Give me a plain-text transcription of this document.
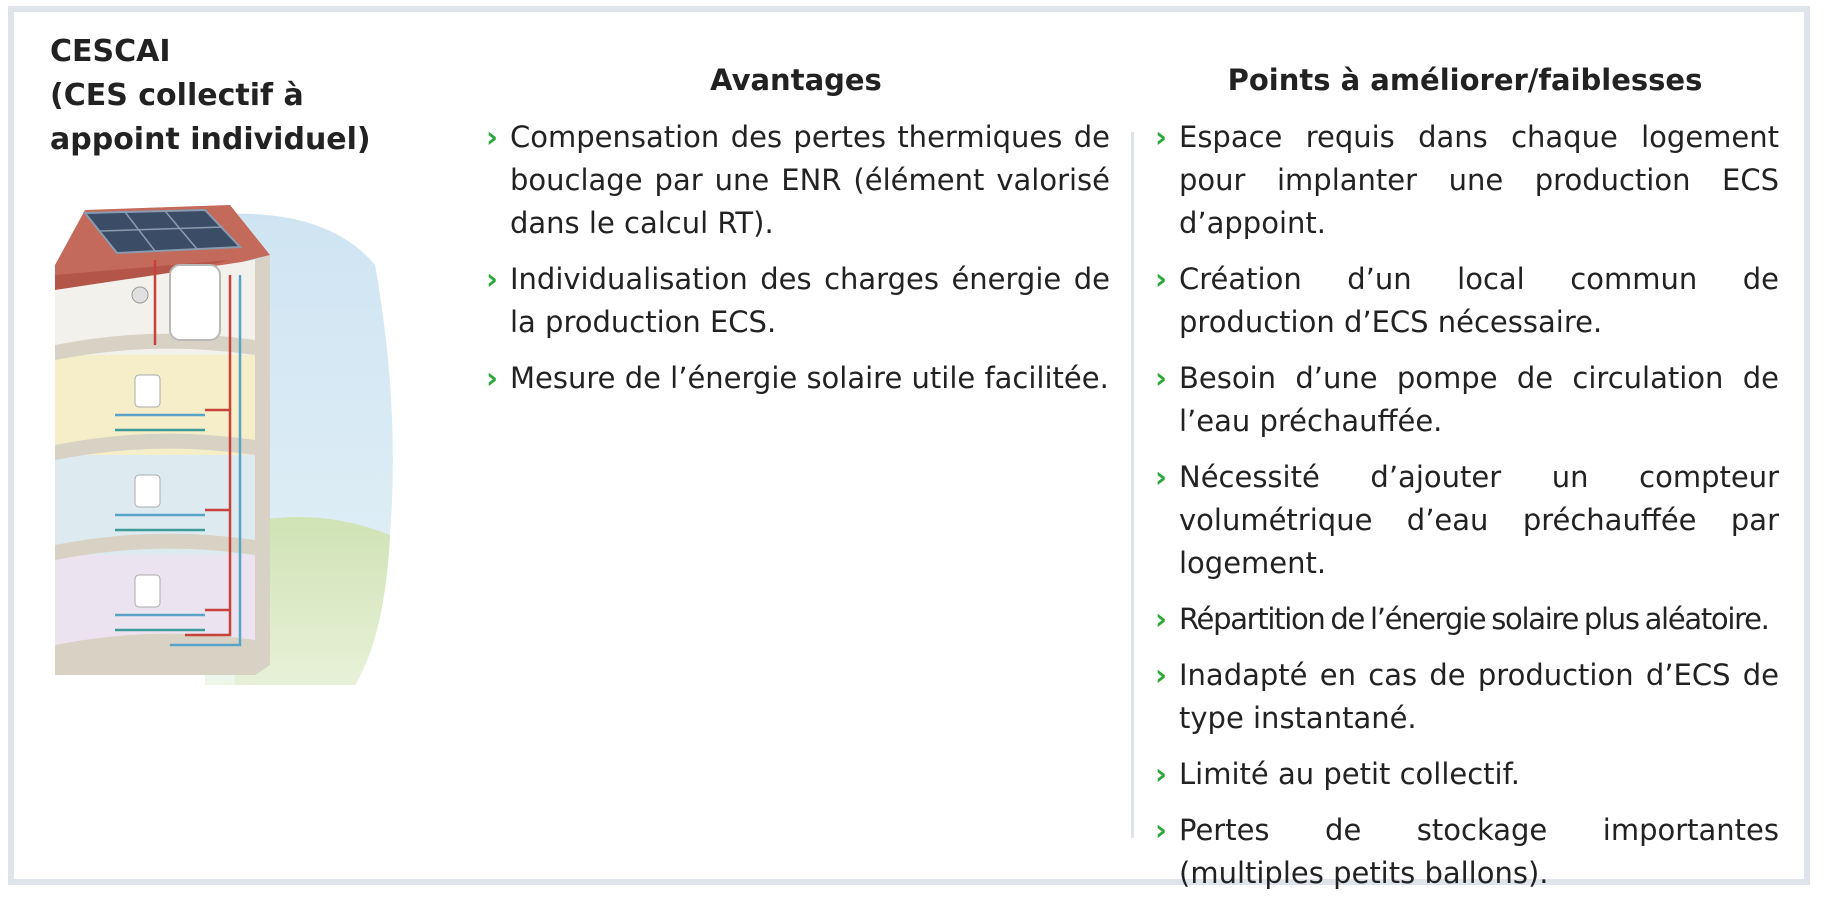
CESCAI
(CES collectif à appoint individuel)
Avantages	Points à améliorer/faiblesses
› Compensation des pertes thermiques de bouclage par une ENR (élément valorisé dans le calcul RT).
› Individualisation des charges énergie de la production ECS.
› Mesure de l’énergie solaire utile facilitée.
› Espace requis dans chaque logement pour implanter une production ECS d’appoint.
› Création d’un local commun de production d’ECS nécessaire.
› Besoin d’une pompe de circulation de l’eau préchauffée.
› Nécessité d’ajouter un compteur volumétrique d’eau préchauffée par logement.
› Répartition de l’énergie solaire plus aléatoire.
› Inadapté en cas de production d’ECS de type instantané.
› Limité au petit collectif.
› Pertes de stockage importantes (multiples petits ballons).
